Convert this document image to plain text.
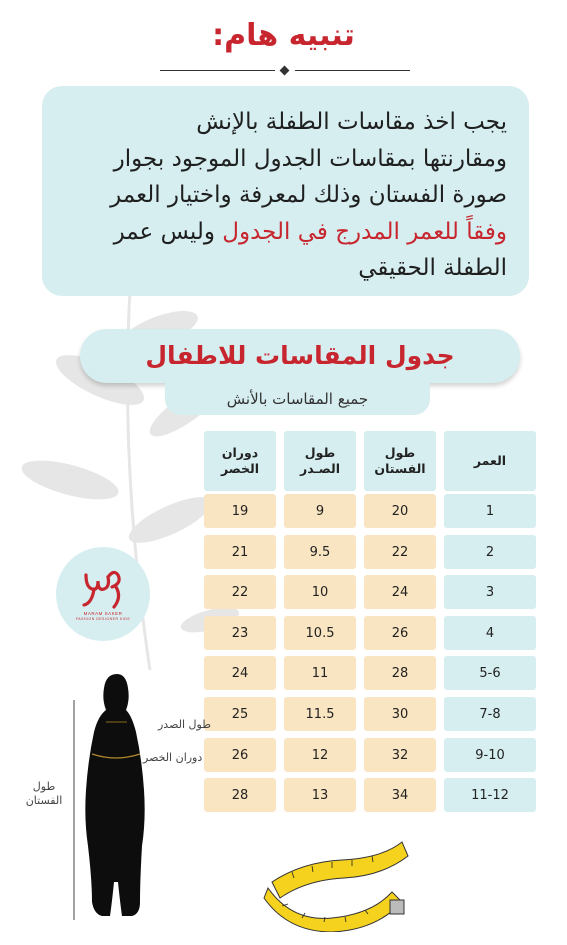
تنبيه هام:
يجب اخذ مقاسات الطفلة بالإنش
ومقارنتها بمقاسات الجدول الموجود بجوار
صورة الفستان وذلك لمعرفة واختيار العمر
وفقاً للعمر المدرج في الجدول وليس عمر
الطفلة الحقيقي
جدول المقاسات للاطفال
جميع المقاسات بالأنش
MARAM SAKER
FASHION DESIGNER KIDS
العمر
طول الفستان
طول الصـدر
دوران الخصر
1
20
9
19
2
22
9.5
21
3
24
10
22
4
26
10.5
23
5-6
28
11
24
7-8
30
11.5
25
9-10
32
12
26
11-12
34
13
28
طول الصدر
دوران الخصر
طول
الفستان
